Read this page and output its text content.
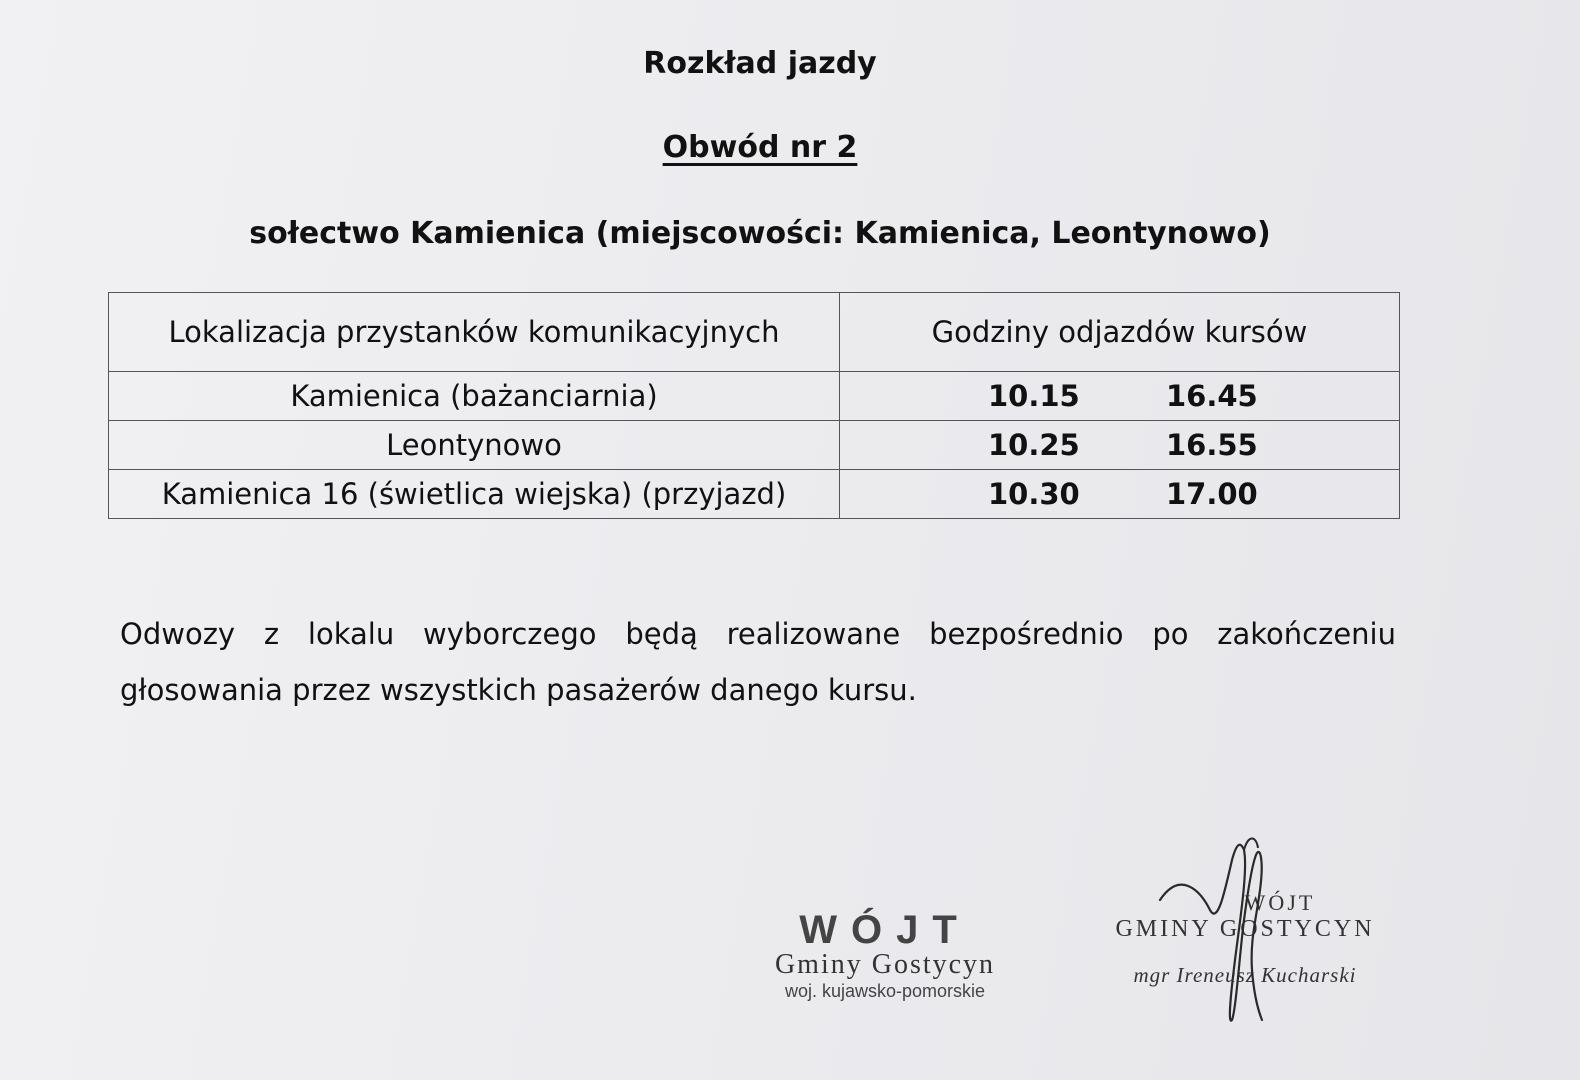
Rozkład jazdy
Obwód nr 2
sołectwo Kamienica (miejscowości: Kamienica, Leontynowo)
Lokalizacja przystanków komunikacyjnych	Godziny odjazdów kursów
Kamienica (bażanciarnia)	10.15 16.45
Leontynowo	10.25 16.55
Kamienica 16 (świetlica wiejska) (przyjazd)	10.30 17.00
Odwozy z lokalu wyborczego będą realizowane bezpośrednio po zakończeniu głosowania przez wszystkich pasażerów danego kursu.
WÓJT
Gminy Gostycyn
woj. kujawsko-pomorskie
WÓJT
GMINY GOSTYCYN
mgr Ireneusz Kucharski
